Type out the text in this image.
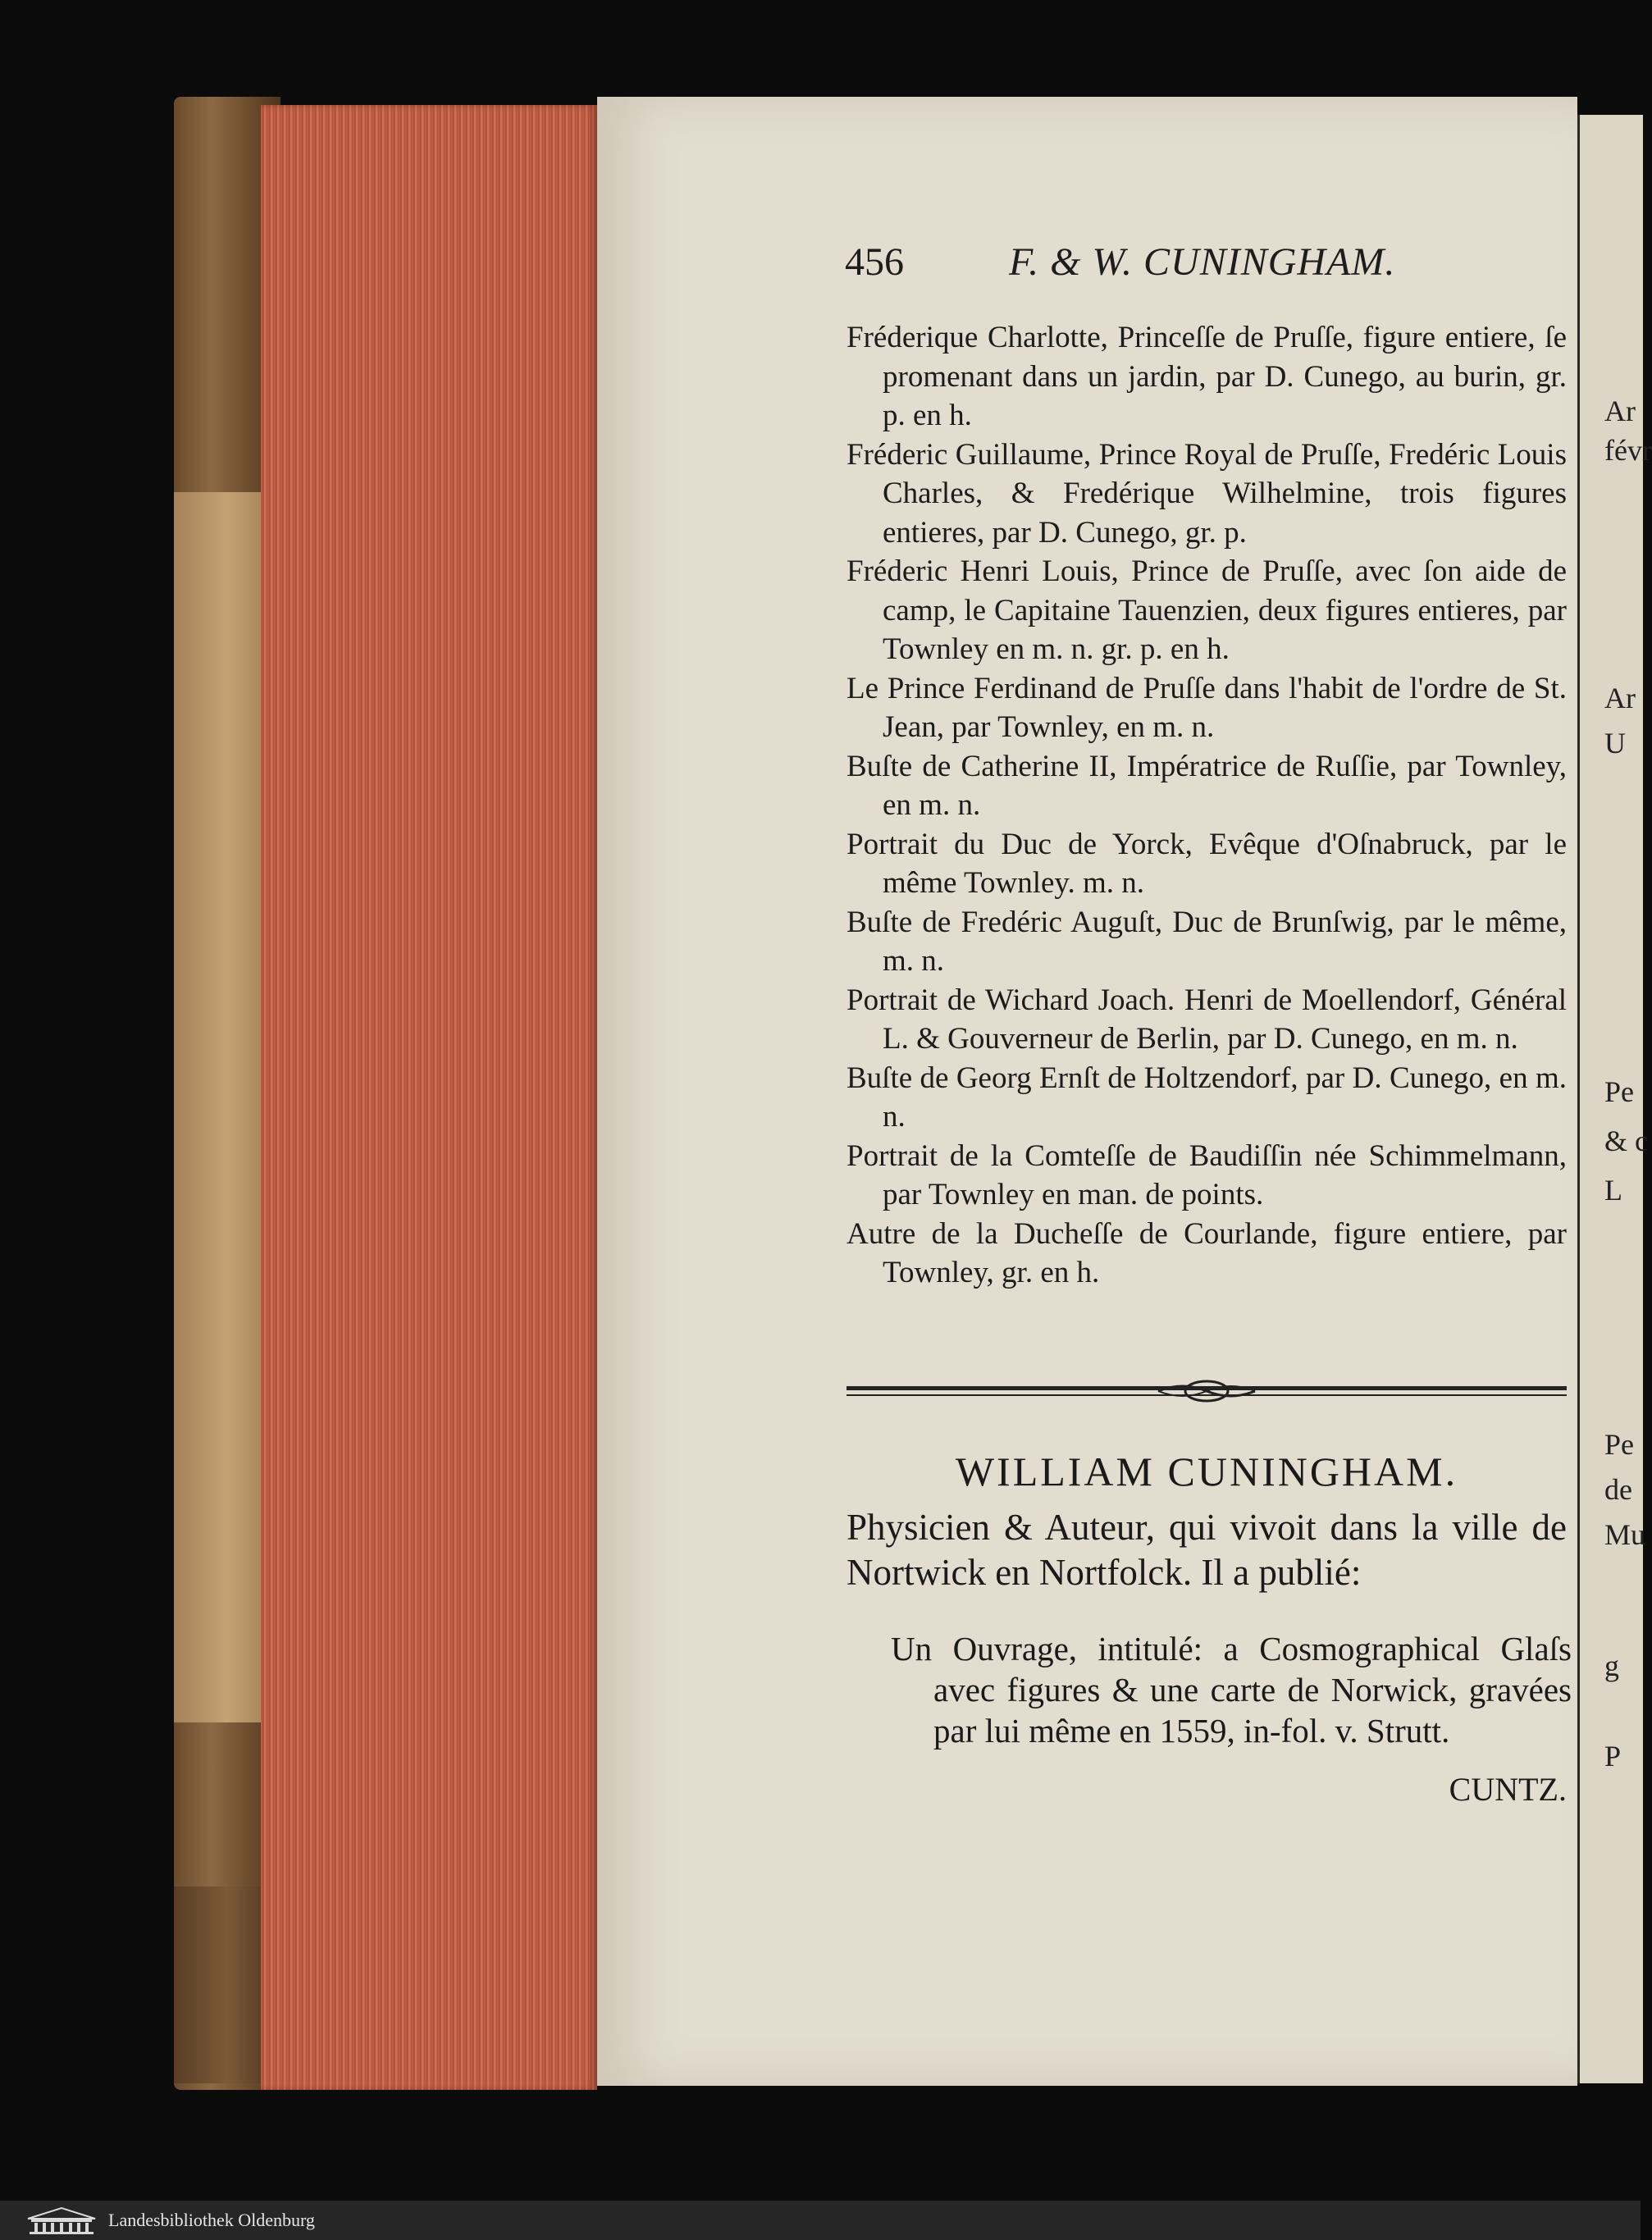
Ar
févr
Ar
U
Pe
& c
L
Pe
de
Mu
g
P
456	F. & W. CUNINGHAM.
Fréderique Charlotte, Princeſſe de Pruſſe, figure entiere, ſe promenant dans un jardin, par D. Cunego, au burin, gr. p. en h.
Fréderic Guillaume, Prince Royal de Pruſſe, Fredéric Louis Charles, & Fredérique Wilhelmine, trois figures entieres, par D. Cunego, gr. p.
Fréderic Henri Louis, Prince de Pruſſe, avec ſon aide de camp, le Capitaine Tauenzien, deux figures entieres, par Townley en m. n. gr. p. en h.
Le Prince Ferdinand de Pruſſe dans l'habit de l'ordre de St. Jean, par Townley, en m. n.
Buſte de Catherine II, Impératrice de Ruſſie, par Townley, en m. n.
Portrait du Duc de Yorck, Evêque d'Oſnabruck, par le même Townley. m. n.
Buſte de Fredéric Auguſt, Duc de Brunſwig, par le même, m. n.
Portrait de Wichard Joach. Henri de Moellendorf, Général L. & Gouverneur de Berlin, par D. Cunego, en m. n.
Buſte de Georg Ernſt de Holtzendorf, par D. Cunego, en m. n.
Portrait de la Comteſſe de Baudiſſin née Schimmelmann, par Townley en man. de points.
Autre de la Ducheſſe de Courlande, figure entiere, par Townley, gr. en h.
WILLIAM CUNINGHAM.
Physicien & Auteur, qui vivoit dans la ville de Nortwick en Nortfolck. Il a publié:
Un Ouvrage, intitulé: a Cosmographical Glaſs avec figures & une carte de Norwick, gravées par lui même en 1559, in-fol. v. Strutt.
CUNTZ.
Landesbibliothek Oldenburg
